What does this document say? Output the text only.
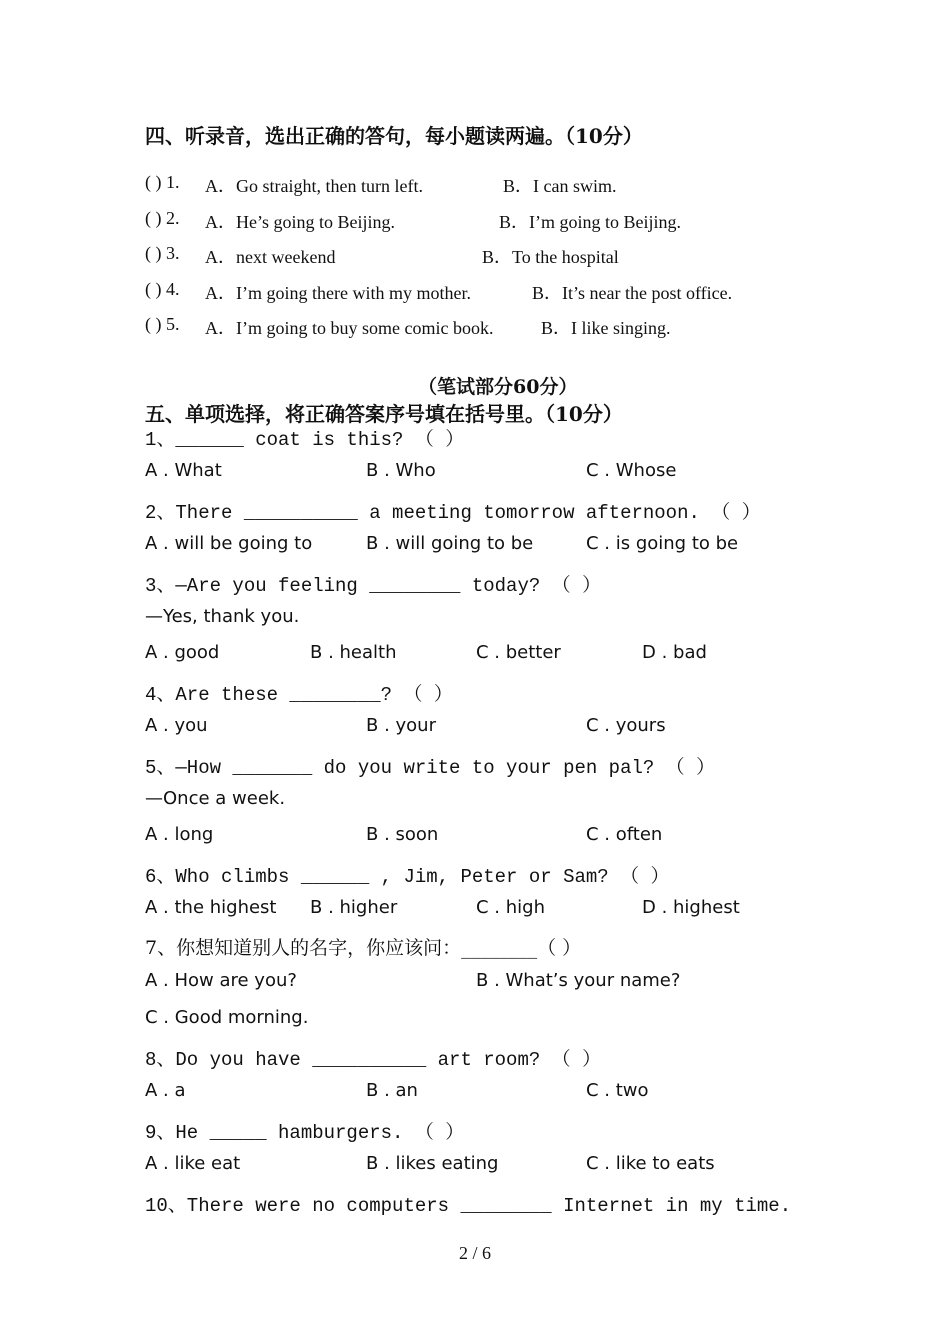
四、听录音，选出正确的答句，每小题读两遍。（10分）
( ) 1. A．Go straight, then turn left.	B．I can swim.
( ) 2. A．He’s going to Beijing.	B．I’m going to Beijing.
( ) 3. A．next weekend	B．To the hospital
( ) 4. A．I’m going there with my mother.	B．It’s near the post office.
( ) 5. A．I’m going to buy some comic book.	B．I like singing.
（笔试部分60分）
五、单项选择，将正确答案序号填在括号里。（10分）
1、______ coat is this? （ ）
A . What	B . Who	C . Whose
2、There __________ a meeting tomorrow afternoon. （ ）
A . will be going to	B . will going to be	C . is going to be
3、—Are you feeling ________ today? （ ）
—Yes, thank you.
A . good	B . health	C . better	D . bad
4、Are these ________? （ ）
A . you	B . your	C . yours
5、—How _______ do you write to your pen pal? （ ）
—Once a week.
A . long	B . soon	C . often
6、Who climbs ______ , Jim, Peter or Sam? （ ）
A . the highest B . higher	C . high	D . highest
7、你想知道别人的名字，你应该问：________（ ）
A . How are you?	B . What’s your name?
C . Good morning.
8、Do you have __________ art room? （ ）
A . a	B . an	C . two
9、He _____ hamburgers. （ ）
A . like eat	B . likes eating	C . like to eats
10、There were no computers ________ Internet in my time.
2 / 6
